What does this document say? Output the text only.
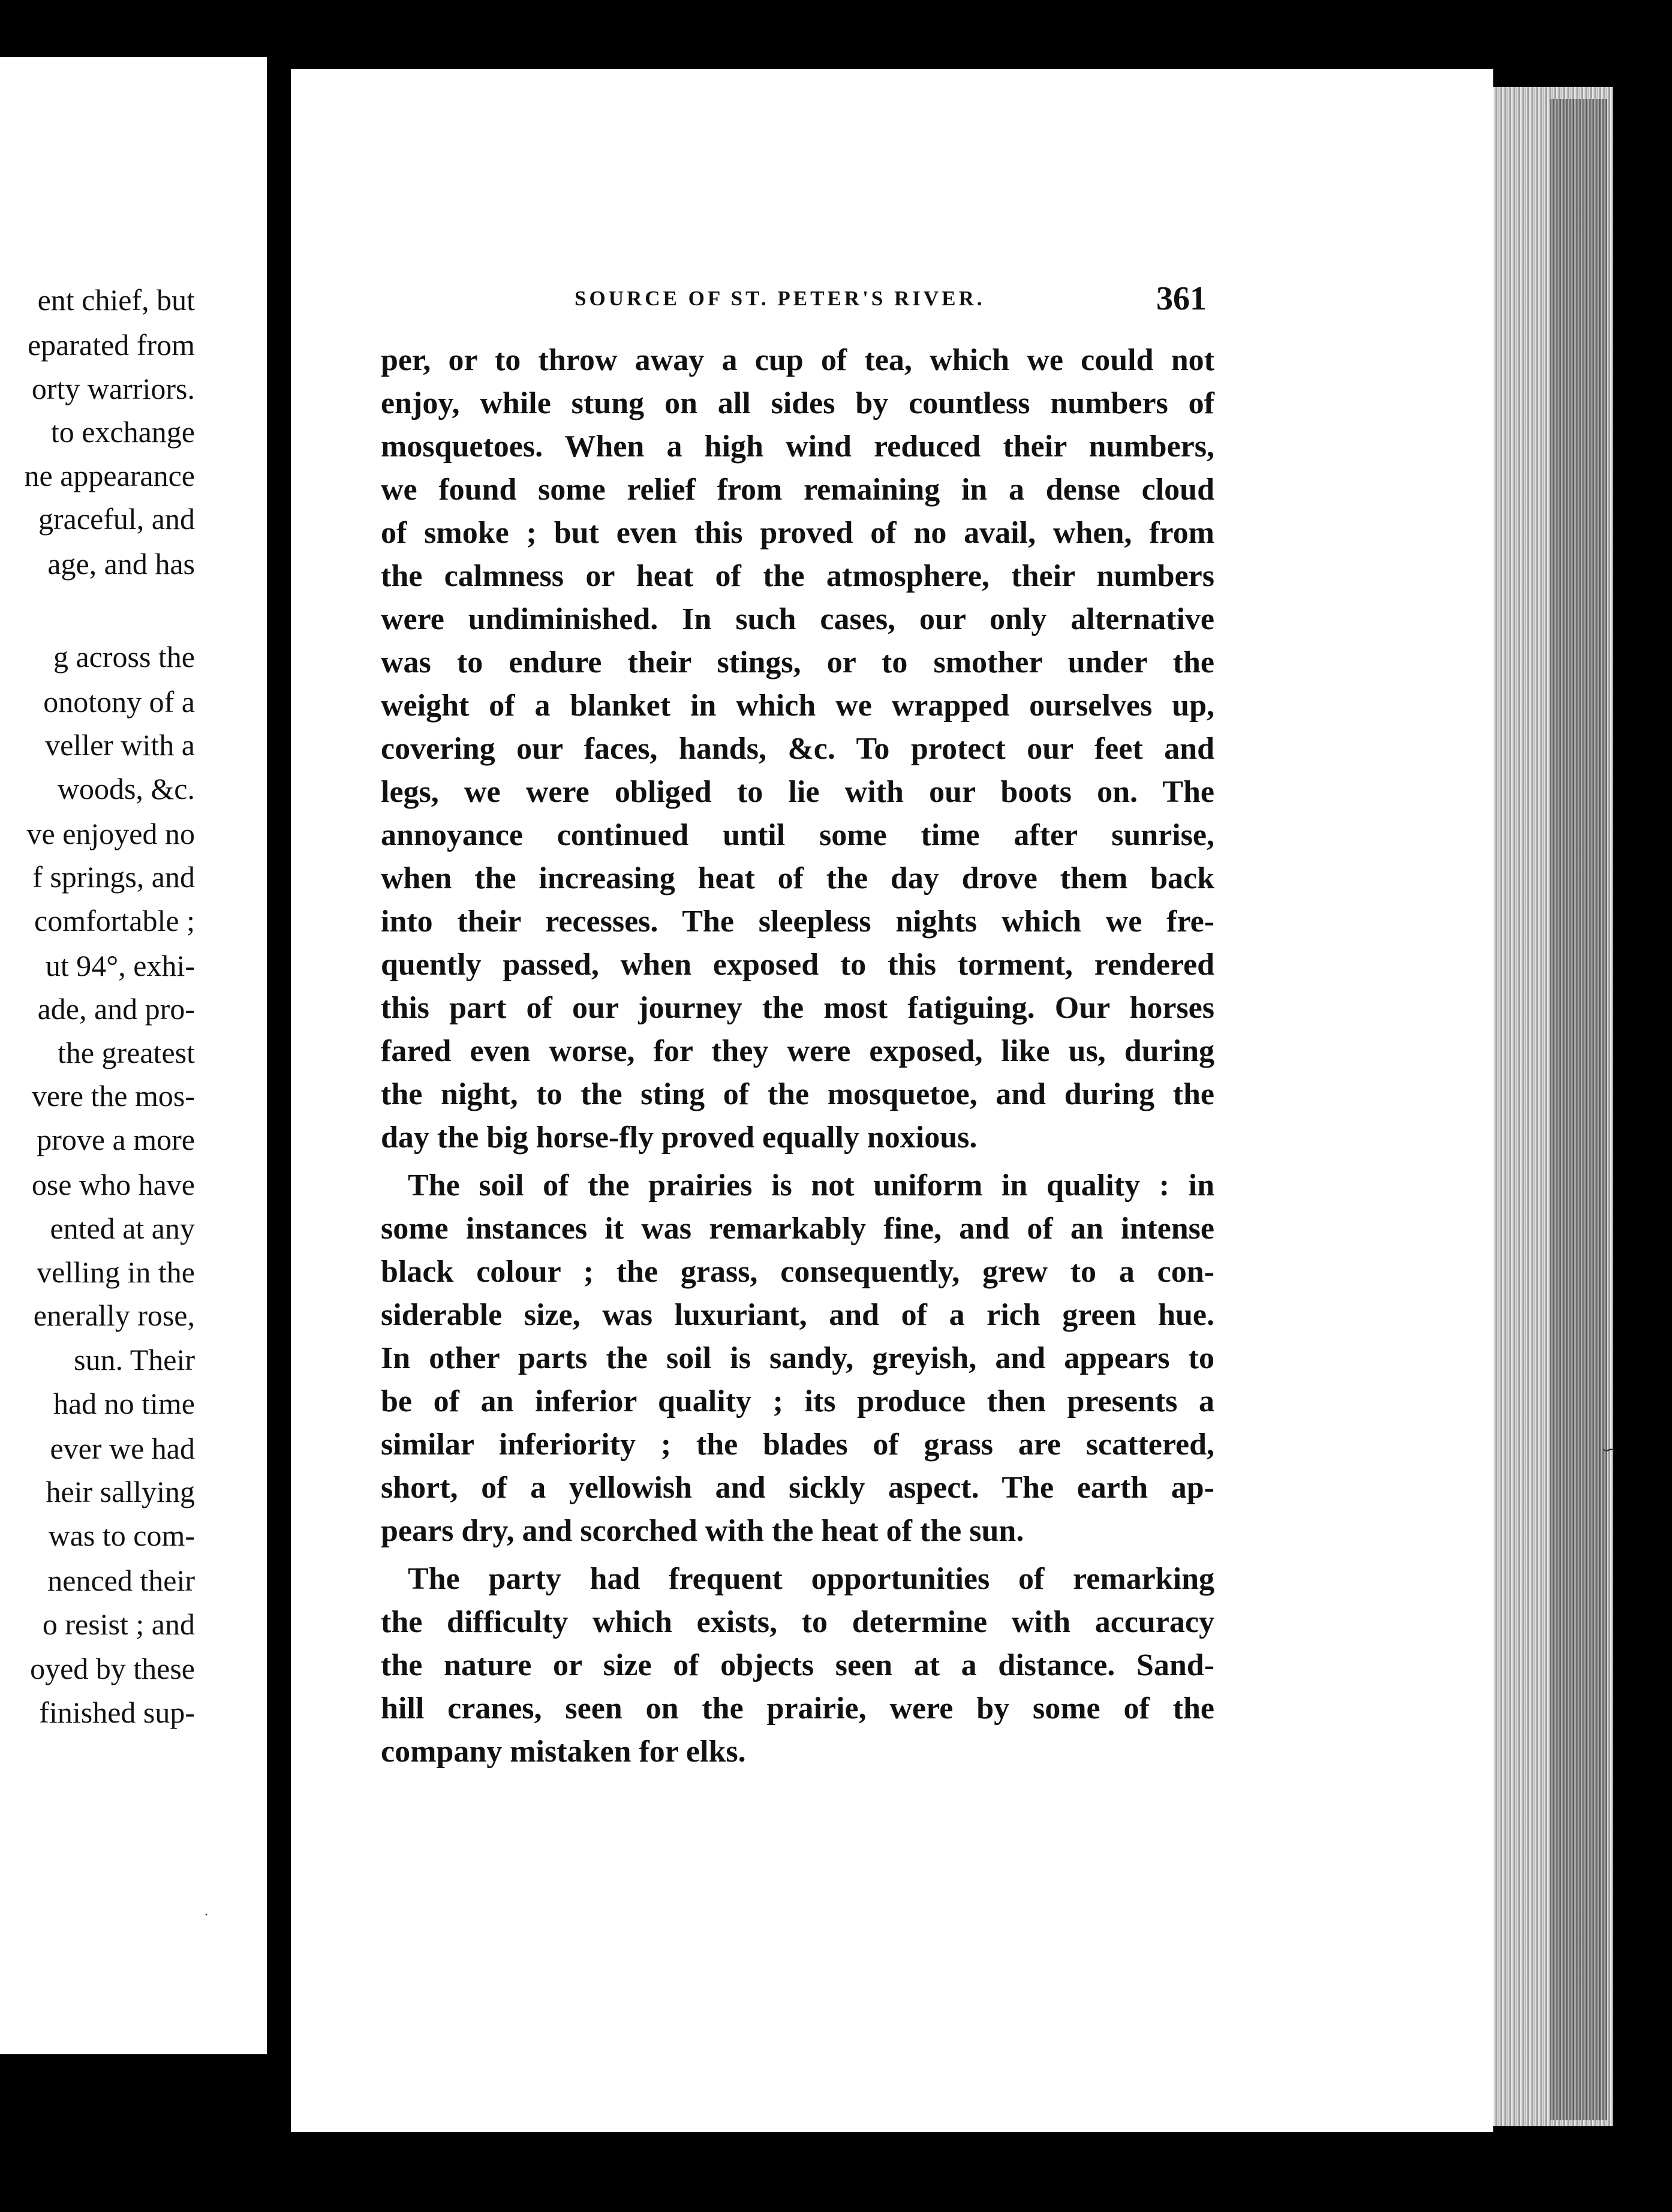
ent chief, but
eparated from
orty warriors.
to exchange
ne appearance
graceful, and
age, and has
g across the
onotony of a
veller with a
woods, &c.
ve enjoyed no
f springs, and
comfortable ;
ut 94°, exhi-
ade, and pro-
the greatest
vere the mos-
prove a more
ose who have
ented at any
velling in the
enerally rose,
sun. Their
had no time
ever we had
heir sallying
was to com-
nenced their
o resist ; and
oyed by these
finished sup-
SOURCE OF ST. PETER'S RIVER.	361
per, or to throw away a cup of tea, which we could not
enjoy, while stung on all sides by countless numbers of
mosquetoes. When a high wind reduced their numbers,
we found some relief from remaining in a dense cloud
of smoke ; but even this proved of no avail, when, from
the calmness or heat of the atmosphere, their numbers
were undiminished. In such cases, our only alternative
was to endure their stings, or to smother under the
weight of a blanket in which we wrapped ourselves up,
covering our faces, hands, &c. To protect our feet and
legs, we were obliged to lie with our boots on. The
annoyance continued until some time after sunrise,
when the increasing heat of the day drove them back
into their recesses. The sleepless nights which we fre-
quently passed, when exposed to this torment, rendered
this part of our journey the most fatiguing. Our horses
fared even worse, for they were exposed, like us, during
the night, to the sting of the mosquetoe, and during the
day the big horse-fly proved equally noxious.
The soil of the prairies is not uniform in quality : in
some instances it was remarkably fine, and of an intense
black colour ; the grass, consequently, grew to a con-
siderable size, was luxuriant, and of a rich green hue.
In other parts the soil is sandy, greyish, and appears to
be of an inferior quality ; its produce then presents a
similar inferiority ; the blades of grass are scattered,
short, of a yellowish and sickly aspect. The earth ap-
pears dry, and scorched with the heat of the sun.
The party had frequent opportunities of remarking
the difficulty which exists, to determine with accuracy
the nature or size of objects seen at a distance. Sand-
hill cranes, seen on the prairie, were by some of the
company mistaken for elks.
∽
·
